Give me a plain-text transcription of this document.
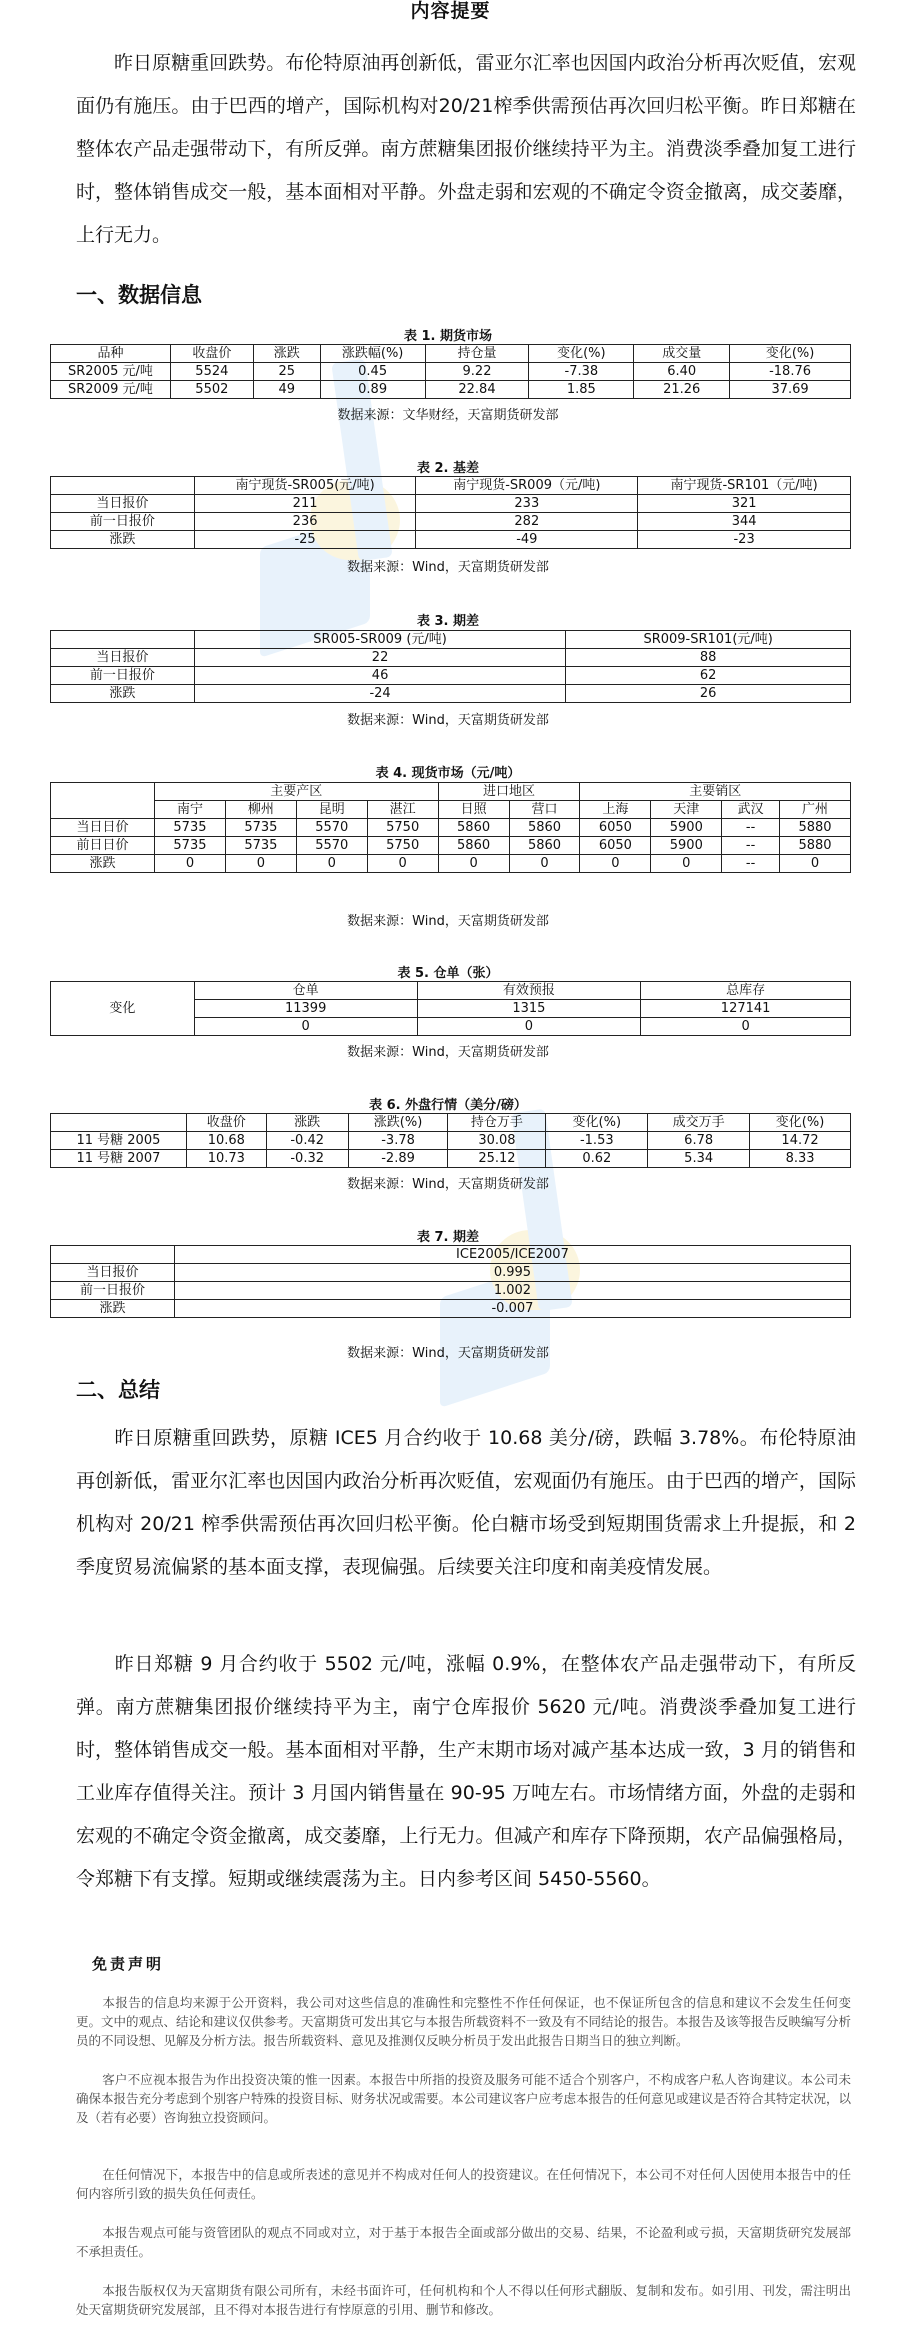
内容提要

昨日原糖重回跌势。布伦特原油再创新低，雷亚尔汇率也因国内政治分析再次贬值，宏观面仍有施压。由于巴西的增产，国际机构对20/21榨季供需预估再次回归松平衡。昨日郑糖在整体农产品走强带动下，有所反弹。南方蔗糖集团报价继续持平为主。消费淡季叠加复工进行时，整体销售成交一般，基本面相对平静。外盘走弱和宏观的不确定令资金撤离，成交萎靡，上行无力。

一、数据信息

表 1. 期货市场

品种	收盘价	涨跌	涨跌幅(%)	持仓量	变化(%)	成交量	变化(%)
SR2005 元/吨	5524	25	0.45	9.22	-7.38	6.40	-18.76
SR2009 元/吨	5502	49	0.89	22.84	1.85	21.26	37.69

数据来源：文华财经，天富期货研发部

表 2. 基差

	南宁现货-SR005(元/吨)	南宁现货-SR009（元/吨)	南宁现货-SR101（元/吨)
当日报价	211	233	321
前一日报价	236	282	344
涨跌	-25	-49	-23

数据来源：Wind，天富期货研发部

表 3. 期差

	SR005-SR009 (元/吨)	SR009-SR101(元/吨)
当日报价	22	88
前一日报价	46	62
涨跌	-24	26

数据来源：Wind，天富期货研发部

表 4. 现货市场（元/吨）

	主要产区				进口地区		主要销区			
	南宁	柳州	昆明	湛江	日照	营口	上海	天津	武汉	广州
当日日价	5735	5735	5570	5750	5860	5860	6050	5900	--	5880
前日日价	5735	5735	5570	5750	5860	5860	6050	5900	--	5880
涨跌	0	0	0	0	0	0	0	0	--	0

数据来源：Wind，天富期货研发部

表 5. 仓单（张）

变化	仓单	有效预报	总库存
	11399	1315	127141
	0	0	0

数据来源：Wind，天富期货研发部

表 6. 外盘行情（美分/磅）

	收盘价	涨跌	涨跌(%)	持仓万手	变化(%)	成交万手	变化(%)
11 号糖 2005	10.68	-0.42	-3.78	30.08	-1.53	6.78	14.72
11 号糖 2007	10.73	-0.32	-2.89	25.12	0.62	5.34	8.33

数据来源：Wind，天富期货研发部

表 7. 期差

	ICE2005/ICE2007
当日报价	0.995
前一日报价	1.002
涨跌	-0.007

数据来源：Wind，天富期货研发部

二、总结

昨日原糖重回跌势，原糖 ICE5 月合约收于 10.68 美分/磅，跌幅 3.78%。布伦特原油再创新低，雷亚尔汇率也因国内政治分析再次贬值，宏观面仍有施压。由于巴西的增产，国际机构对 20/21 榨季供需预估再次回归松平衡。伦白糖市场受到短期围货需求上升提振，和 2 季度贸易流偏紧的基本面支撑，表现偏强。后续要关注印度和南美疫情发展。

昨日郑糖 9 月合约收于 5502 元/吨，涨幅 0.9%，在整体农产品走强带动下，有所反弹。南方蔗糖集团报价继续持平为主，南宁仓库报价 5620 元/吨。消费淡季叠加复工进行时，整体销售成交一般。基本面相对平静，生产末期市场对减产基本达成一致，3 月的销售和工业库存值得关注。预计 3 月国内销售量在 90-95 万吨左右。市场情绪方面，外盘的走弱和宏观的不确定令资金撤离，成交萎靡，上行无力。但减产和库存下降预期，农产品偏强格局，令郑糖下有支撑。短期或继续震荡为主。日内参考区间 5450-5560。

免责声明

本报告的信息均来源于公开资料，我公司对这些信息的准确性和完整性不作任何保证，也不保证所包含的信息和建议不会发生任何变更。文中的观点、结论和建议仅供参考。天富期货可发出其它与本报告所载资料不一致及有不同结论的报告。本报告及该等报告反映编写分析员的不同设想、见解及分析方法。报告所载资料、意见及推测仅反映分析员于发出此报告日期当日的独立判断。

客户不应视本报告为作出投资决策的惟一因素。本报告中所指的投资及服务可能不适合个别客户，不构成客户私人咨询建议。本公司未确保本报告充分考虑到个别客户特殊的投资目标、财务状况或需要。本公司建议客户应考虑本报告的任何意见或建议是否符合其特定状况，以及（若有必要）咨询独立投资顾问。

在任何情况下，本报告中的信息或所表述的意见并不构成对任何人的投资建议。在任何情况下，本公司不对任何人因使用本报告中的任何内容所引致的损失负任何责任。

本报告观点可能与资管团队的观点不同或对立，对于基于本报告全面或部分做出的交易、结果，不论盈利或亏损，天富期货研究发展部不承担责任。

本报告版权仅为天富期货有限公司所有，未经书面许可，任何机构和个人不得以任何形式翻版、复制和发布。如引用、刊发，需注明出处天富期货研究发展部，且不得对本报告进行有悖原意的引用、删节和修改。
